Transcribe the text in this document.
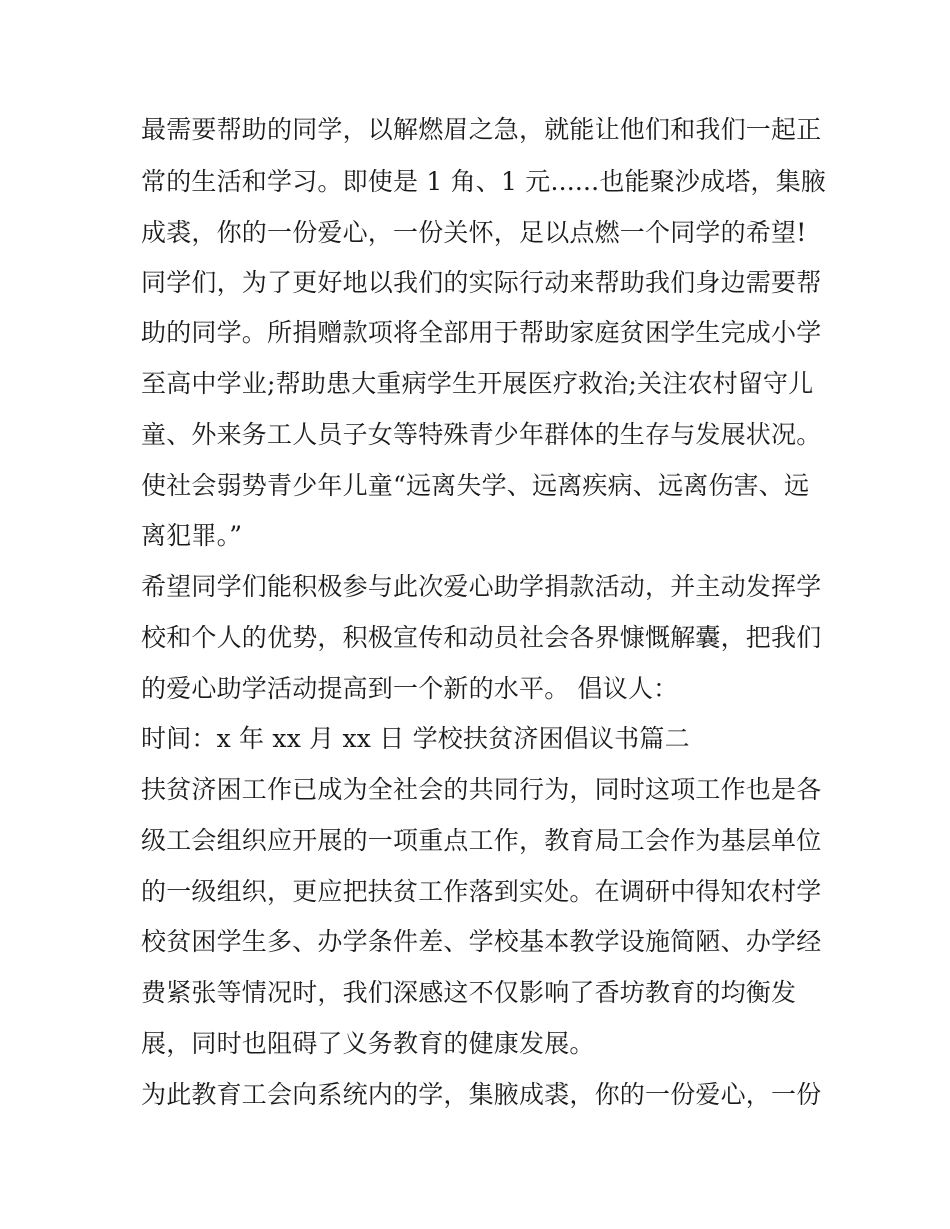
最需要帮助的同学，以解燃眉之急，就能让他们和我们一起正
常的生活和学习。即使是 1 角、1 元......也能聚沙成塔，集腋
成裘，你的一份爱心，一份关怀，足以点燃一个同学的希望!
同学们，为了更好地以我们的实际行动来帮助我们身边需要帮
助的同学。所捐赠款项将全部用于帮助家庭贫困学生完成小学
至高中学业;帮助患大重病学生开展医疗救治;关注农村留守儿
童、外来务工人员子女等特殊青少年群体的生存与发展状况。
使社会弱势青少年儿童“远离失学、远离疾病、远离伤害、远
离犯罪。”
希望同学们能积极参与此次爱心助学捐款活动，并主动发挥学
校和个人的优势，积极宣传和动员社会各界慷慨解囊，把我们
的爱心助学活动提高到一个新的水平。 倡议人：
时间：x 年 xx 月 xx 日 学校扶贫济困倡议书篇二
扶贫济困工作已成为全社会的共同行为，同时这项工作也是各
级工会组织应开展的一项重点工作，教育局工会作为基层单位
的一级组织，更应把扶贫工作落到实处。在调研中得知农村学
校贫困学生多、办学条件差、学校基本教学设施简陋、办学经
费紧张等情况时，我们深感这不仅影响了香坊教育的均衡发
展，同时也阻碍了义务教育的健康发展。
为此教育工会向系统内的学，集腋成裘，你的一份爱心，一份
